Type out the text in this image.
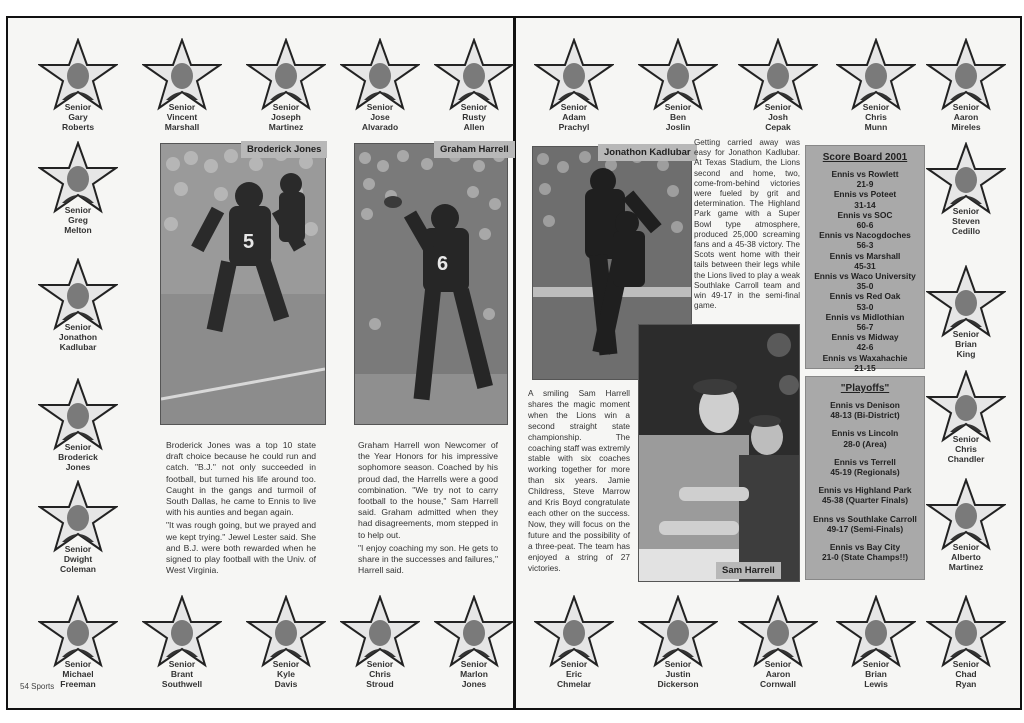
5
Broderick Jones
6
Graham Harrell

Broderick Jones was a top 10 state draft choice because he could run and catch. "B.J." not only succeeded in football, but turned his life around too. Caught in the gangs and turmoil of South Dallas, he came to Ennis to live with his aunties and began again.

"It was rough going, but we prayed and we kept trying." Jewel Lester said. She and B.J. were both rewarded when he signed to play football with the Univ. of West Virginia.

Graham Harrell won Newcomer of the Year Honors for his impressive sophomore season. Coached by his proud dad, the Harrells were a good combination. "We try not to carry football to the house," Sam Harrell said. Graham admitted when they had disagreements, mom stepped in to help out.

"I enjoy coaching my son. He gets to share in the successes and failures," Harrell said.

Jonathon Kadlubar
Sam Harrell

Getting carried away was easy for Jonathon Kadlubar. At Texas Stadium, the Lions second and home, two, come-from-behind victories were fueled by grit and determination. The Highland Park game with a Super Bowl type atmosphere, produced 25,000 screaming fans and a 45-38 victory. The Scots went home with their tails between their legs while the Lions lived to play a weak Southlake Carroll team and win 49-17 in the semi-final game.

A smiling Sam Harrell shares the magic moment when the Lions win a second straight state championship. The coaching staff was extremly stable with six coaches working together for more than six years. Jamie Childress, Steve Marrow and Kris Boyd congratulate each other on the success. Now, they will focus on the future and the possibility of a three-peat. The team has enjoyed a string of 27 victories.

Score Board 2001
Ennis vs Rowlett
21-9
Ennis vs Poteet
31-14
Ennis vs SOC
60-6
Ennis vs Nacogdoches
56-3
Ennis vs Marshall
45-31
Ennis vs Waco University
35-0
Ennis vs Red Oak
53-0
Ennis vs Midlothian
56-7
Ennis vs Midway
42-6
Ennis vs Waxahachie
21-15
"Playoffs"
Ennis vs Denison
48-13 (Bi-District)
Ennis vs Lincoln
28-0 (Area)
Ennis vs Terrell
45-19 (Regionals)
Ennis vs Highland Park
45-38 (Quarter Finals)
Enns vs Southlake Carroll
49-17 (Semi-Finals)
Ennis vs Bay City
21-0 (State Champs!!)
54 Sports
Senior
Gary
Roberts
Senior
Vincent
Marshall
Senior
Joseph
Martinez
Senior
Jose
Alvarado
Senior
Rusty
Allen
Senior
Michael
Freeman
Senior
Brant
Southwell
Senior
Kyle
Davis
Senior
Chris
Stroud
Senior
Marlon
Jones
Senior
Adam
Prachyl
Senior
Ben
Joslin
Senior
Josh
Cepak
Senior
Chris
Munn
Senior
Aaron
Mireles
Senior
Eric
Chmelar
Senior
Justin
Dickerson
Senior
Aaron
Cornwall
Senior
Brian
Lewis
Senior
Chad
Ryan
Senior
Greg
Melton
Senior
Jonathon
Kadlubar
Senior
Broderick
Jones
Senior
Dwight
Coleman
Senior
Steven
Cedillo
Senior
Brian
King
Senior
Chris
Chandler
Senior
Alberto
Martinez
